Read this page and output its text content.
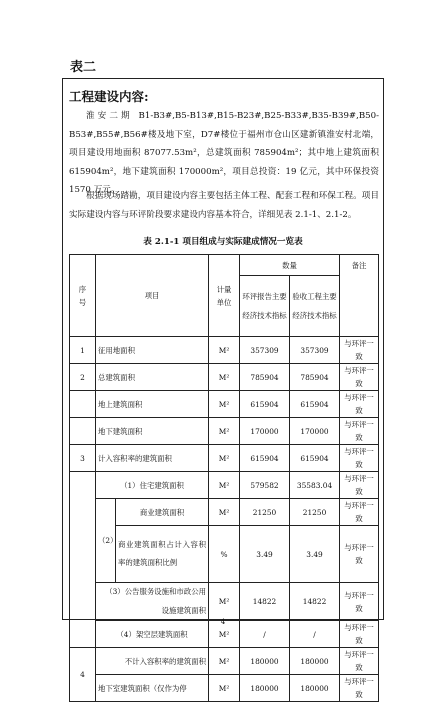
表二
工程建设内容:

淮安二期 B1-B3#,B5-B13#,B15-B23#,B25-B33#,B35-B39#,B50-B53#,B55#,B56#楼及地下室，D7#楼位于福州市仓山区建新镇淮安村北端，项目建设用地面积 87077.53m²，总建筑面积 785904m²；其中地上建筑面积 615904m²，地下建筑面积 170000m²，项目总投资：19 亿元，其中环保投资 1570 万元。

根据现场踏勘，项目建设内容主要包括主体工程、配套工程和环保工程。项目实际建设内容与环评阶段要求建设内容基本符合，详细见表 2.1-1、2.1-2。

表 2.1-1 项目组成与实际建成情况一览表
序号	项目		计量单位	数量		备注
				环评报告主要经济技术指标	验收工程主要经济技术指标	

1	征用地面积		M²	357309	357309	与环评一致
2	总建筑面积		M²	785904	785904	与环评一致
	地上建筑面积		M²	615904	615904	与环评一致
	地下建筑面积		M²	170000	170000	与环评一致
3	计入容积率的建筑面积		M²	615904	615904	与环评一致
	（1）住宅建筑面积		M²	579582	35583.04	与环评一致
	（2）	商业建筑面积	M²	21250	21250	与环评一致
		商业建筑面积占计入容积率的建筑面积比例	%	3.49	3.49	与环评一致
	（3）公告服务设施和市政公用设施建筑面积		M²	14822	14822	与环评一致
	（4）架空层建筑面积		M²	/	/	与环评一致

4	不计入容积率的建筑面积		M²	180000	180000	与环评一致
	地下室建筑面积（仅作为停		M²	180000	180000	与环评一致
4
